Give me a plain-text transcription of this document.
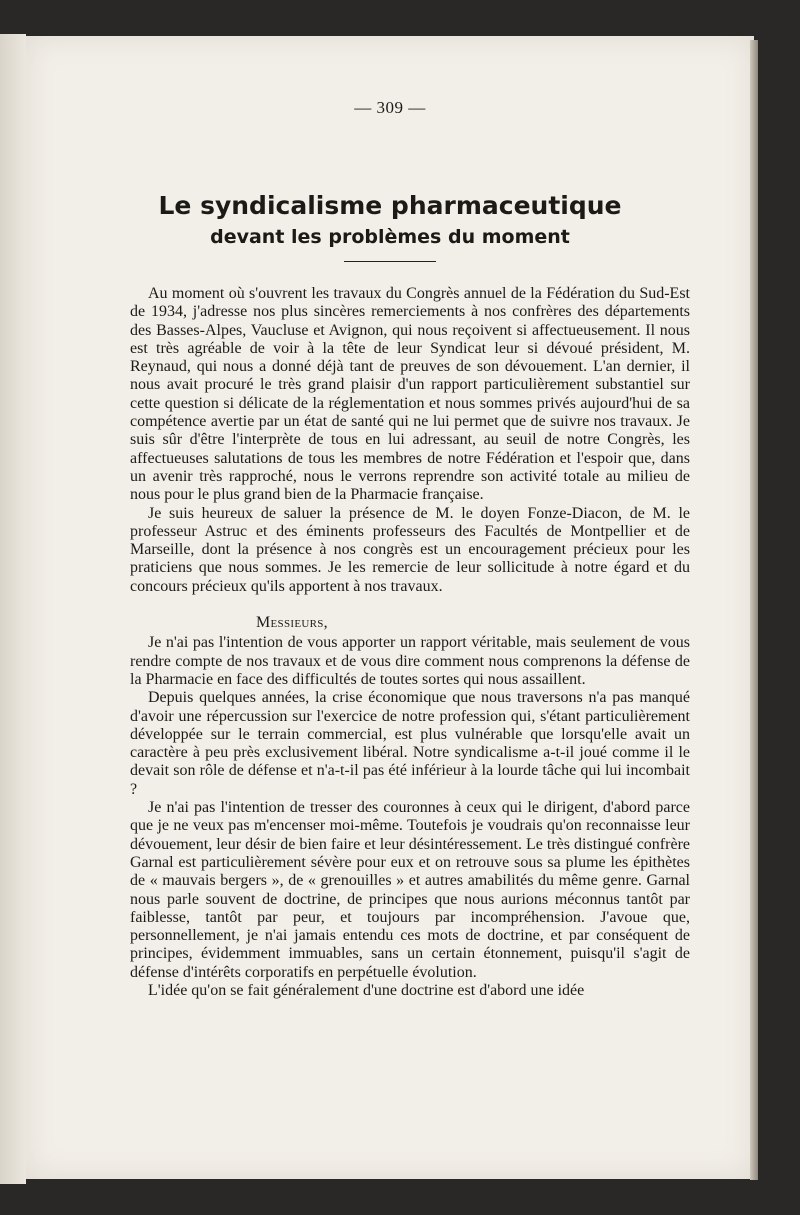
— 309 —
Le syndicalisme pharmaceutique
devant les problèmes du moment

Au moment où s'ouvrent les travaux du Congrès annuel de la Fédération du Sud-Est de 1934, j'adresse nos plus sincères remerciements à nos confrères des départements des Basses-Alpes, Vaucluse et Avignon, qui nous reçoivent si affectueusement. Il nous est très agréable de voir à la tête de leur Syndicat leur si dévoué président, M. Reynaud, qui nous a donné déjà tant de preuves de son dévouement. L'an dernier, il nous avait procuré le très grand plaisir d'un rapport particulièrement substantiel sur cette question si délicate de la réglementation et nous sommes privés aujourd'hui de sa compétence avertie par un état de santé qui ne lui permet que de suivre nos travaux. Je suis sûr d'être l'interprète de tous en lui adressant, au seuil de notre Congrès, les affectueuses salutations de tous les membres de notre Fédération et l'espoir que, dans un avenir très rapproché, nous le verrons reprendre son activité totale au milieu de nous pour le plus grand bien de la Pharmacie française.

Je suis heureux de saluer la présence de M. le doyen Fonze-Diacon, de M. le professeur Astruc et des éminents professeurs des Facultés de Montpellier et de Marseille, dont la présence à nos congrès est un encouragement précieux pour les praticiens que nous sommes. Je les remercie de leur sollicitude à notre égard et du concours précieux qu'ils apportent à nos travaux.

Messieurs,

Je n'ai pas l'intention de vous apporter un rapport véritable, mais seulement de vous rendre compte de nos travaux et de vous dire comment nous comprenons la défense de la Pharmacie en face des difficultés de toutes sortes qui nous assaillent.

Depuis quelques années, la crise économique que nous traversons n'a pas manqué d'avoir une répercussion sur l'exercice de notre profession qui, s'étant particulièrement développée sur le terrain commercial, est plus vulnérable que lorsqu'elle avait un caractère à peu près exclusivement libéral. Notre syndicalisme a-t-il joué comme il le devait son rôle de défense et n'a-t-il pas été inférieur à la lourde tâche qui lui incombait ?

Je n'ai pas l'intention de tresser des couronnes à ceux qui le dirigent, d'abord parce que je ne veux pas m'encenser moi-même. Toutefois je voudrais qu'on reconnaisse leur dévouement, leur désir de bien faire et leur désintéressement. Le très distingué confrère Garnal est particulièrement sévère pour eux et on retrouve sous sa plume les épithètes de « mauvais bergers », de « grenouilles » et autres amabilités du même genre. Garnal nous parle souvent de doctrine, de principes que nous aurions méconnus tantôt par faiblesse, tantôt par peur, et toujours par incompréhension. J'avoue que, personnellement, je n'ai jamais entendu ces mots de doctrine, et par conséquent de principes, évidemment immuables, sans un certain étonnement, puisqu'il s'agit de défense d'intérêts corporatifs en perpétuelle évolution.

L'idée qu'on se fait généralement d'une doctrine est d'abord une idée
